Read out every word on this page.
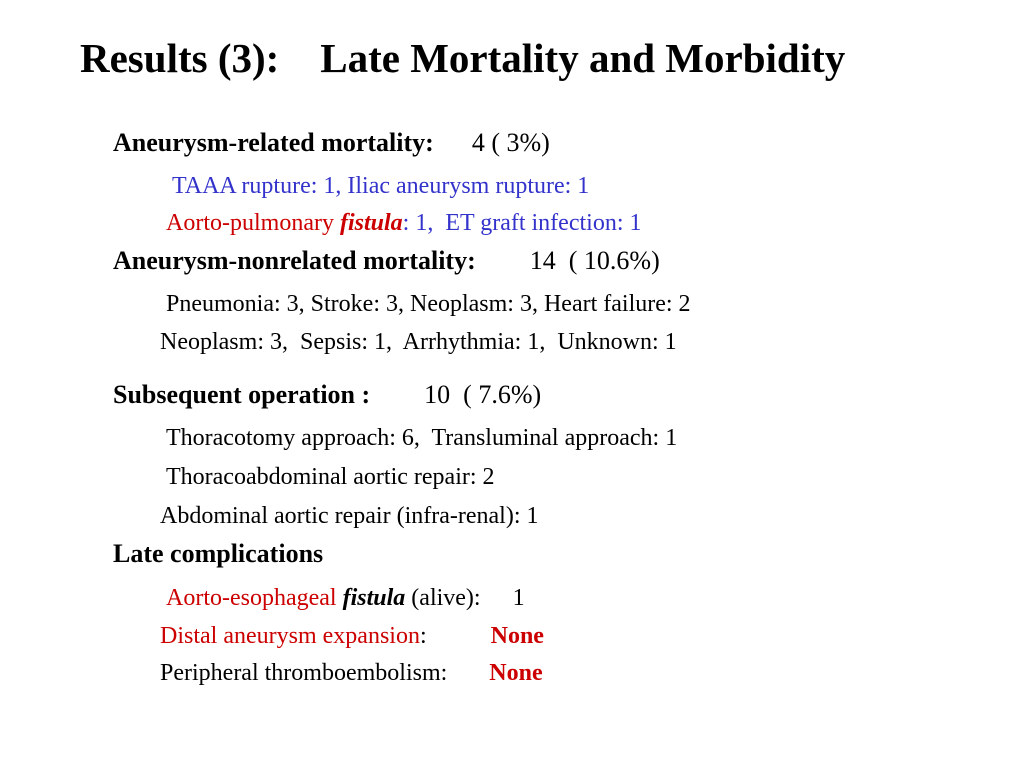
Results (3):    Late Mortality and Morbidity
Aneurysm-related mortality: 4 ( 3%)
TAAA rupture: 1, Iliac aneurysm rupture: 1
Aorto-pulmonary fistula: 1,  ET graft infection: 1
Aneurysm-nonrelated mortality: 14  ( 10.6%)
Pneumonia: 3, Stroke: 3, Neoplasm: 3, Heart failure: 2
Neoplasm: 3,  Sepsis: 1,  Arrhythmia: 1,  Unknown: 1
Subsequent operation : 10  ( 7.6%)
Thoracotomy approach: 6,  Transluminal approach: 1
Thoracoabdominal aortic repair: 2
Abdominal aortic repair (infra-renal): 1
Late complications
Aorto-esophageal fistula (alive): 1
Distal aneurysm expansion:	None
Peripheral thromboembolism: None
